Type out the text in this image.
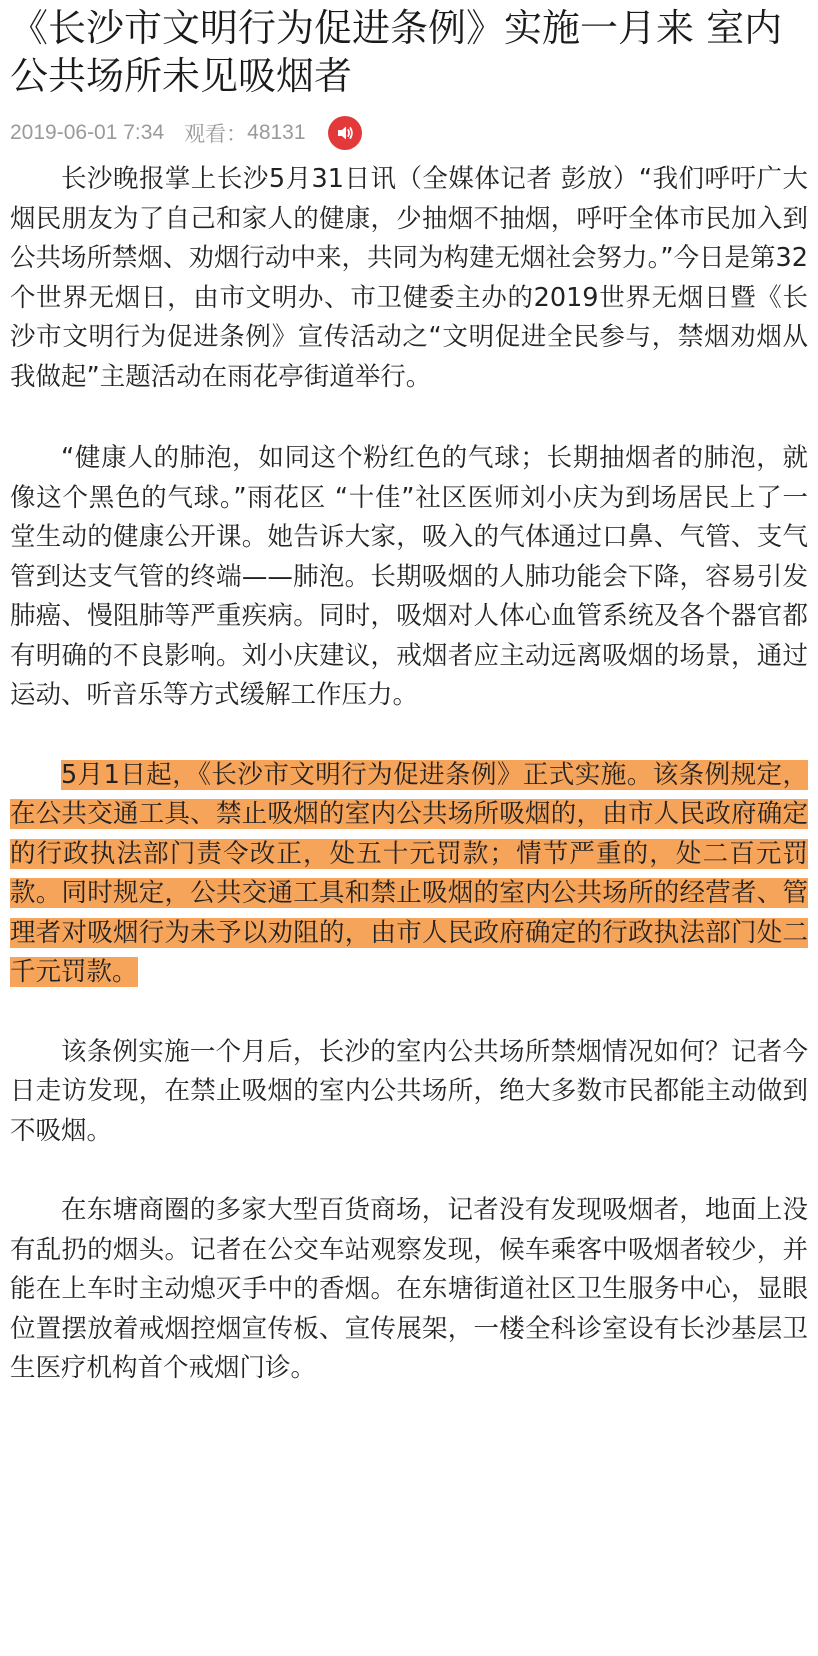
《长沙市文明行为促进条例》实施一月来 室内公共场所未见吸烟者
2019-06-01 7:34 观看： 48131

长沙晚报掌上长沙5月31日讯（全媒体记者 彭放）“我们呼吁广大烟民朋友为了自己和家人的健康，少抽烟不抽烟，呼吁全体市民加入到公共场所禁烟、劝烟行动中来，共同为构建无烟社会努力。”今日是第32个世界无烟日，由市文明办、市卫健委主办的2019世界无烟日暨《长沙市文明行为促进条例》宣传活动之“文明促进全民参与，禁烟劝烟从我做起”主题活动在雨花亭街道举行。

“健康人的肺泡，如同这个粉红色的气球；长期抽烟者的肺泡，就像这个黑色的气球。”雨花区 “十佳”社区医师刘小庆为到场居民上了一堂生动的健康公开课。她告诉大家，吸入的气体通过口鼻、气管、支气管到达支气管的终端——肺泡。长期吸烟的人肺功能会下降，容易引发肺癌、慢阻肺等严重疾病。同时，吸烟对人体心血管系统及各个器官都有明确的不良影响。刘小庆建议，戒烟者应主动远离吸烟的场景，通过运动、听音乐等方式缓解工作压力。

5月1日起，《长沙市文明行为促进条例》正式实施。该条例规定，在公共交通工具、禁止吸烟的室内公共场所吸烟的，由市人民政府确定的行政执法部门责令改正，处五十元罚款；情节严重的，处二百元罚款。同时规定，公共交通工具和禁止吸烟的室内公共场所的经营者、管理者对吸烟行为未予以劝阻的，由市人民政府确定的行政执法部门处二千元罚款。

该条例实施一个月后，长沙的室内公共场所禁烟情况如何？记者今日走访发现，在禁止吸烟的室内公共场所，绝大多数市民都能主动做到不吸烟。

在东塘商圈的多家大型百货商场，记者没有发现吸烟者，地面上没有乱扔的烟头。记者在公交车站观察发现，候车乘客中吸烟者较少，并能在上车时主动熄灭手中的香烟。在东塘街道社区卫生服务中心，显眼位置摆放着戒烟控烟宣传板、宣传展架，一楼全科诊室设有长沙基层卫生医疗机构首个戒烟门诊。
